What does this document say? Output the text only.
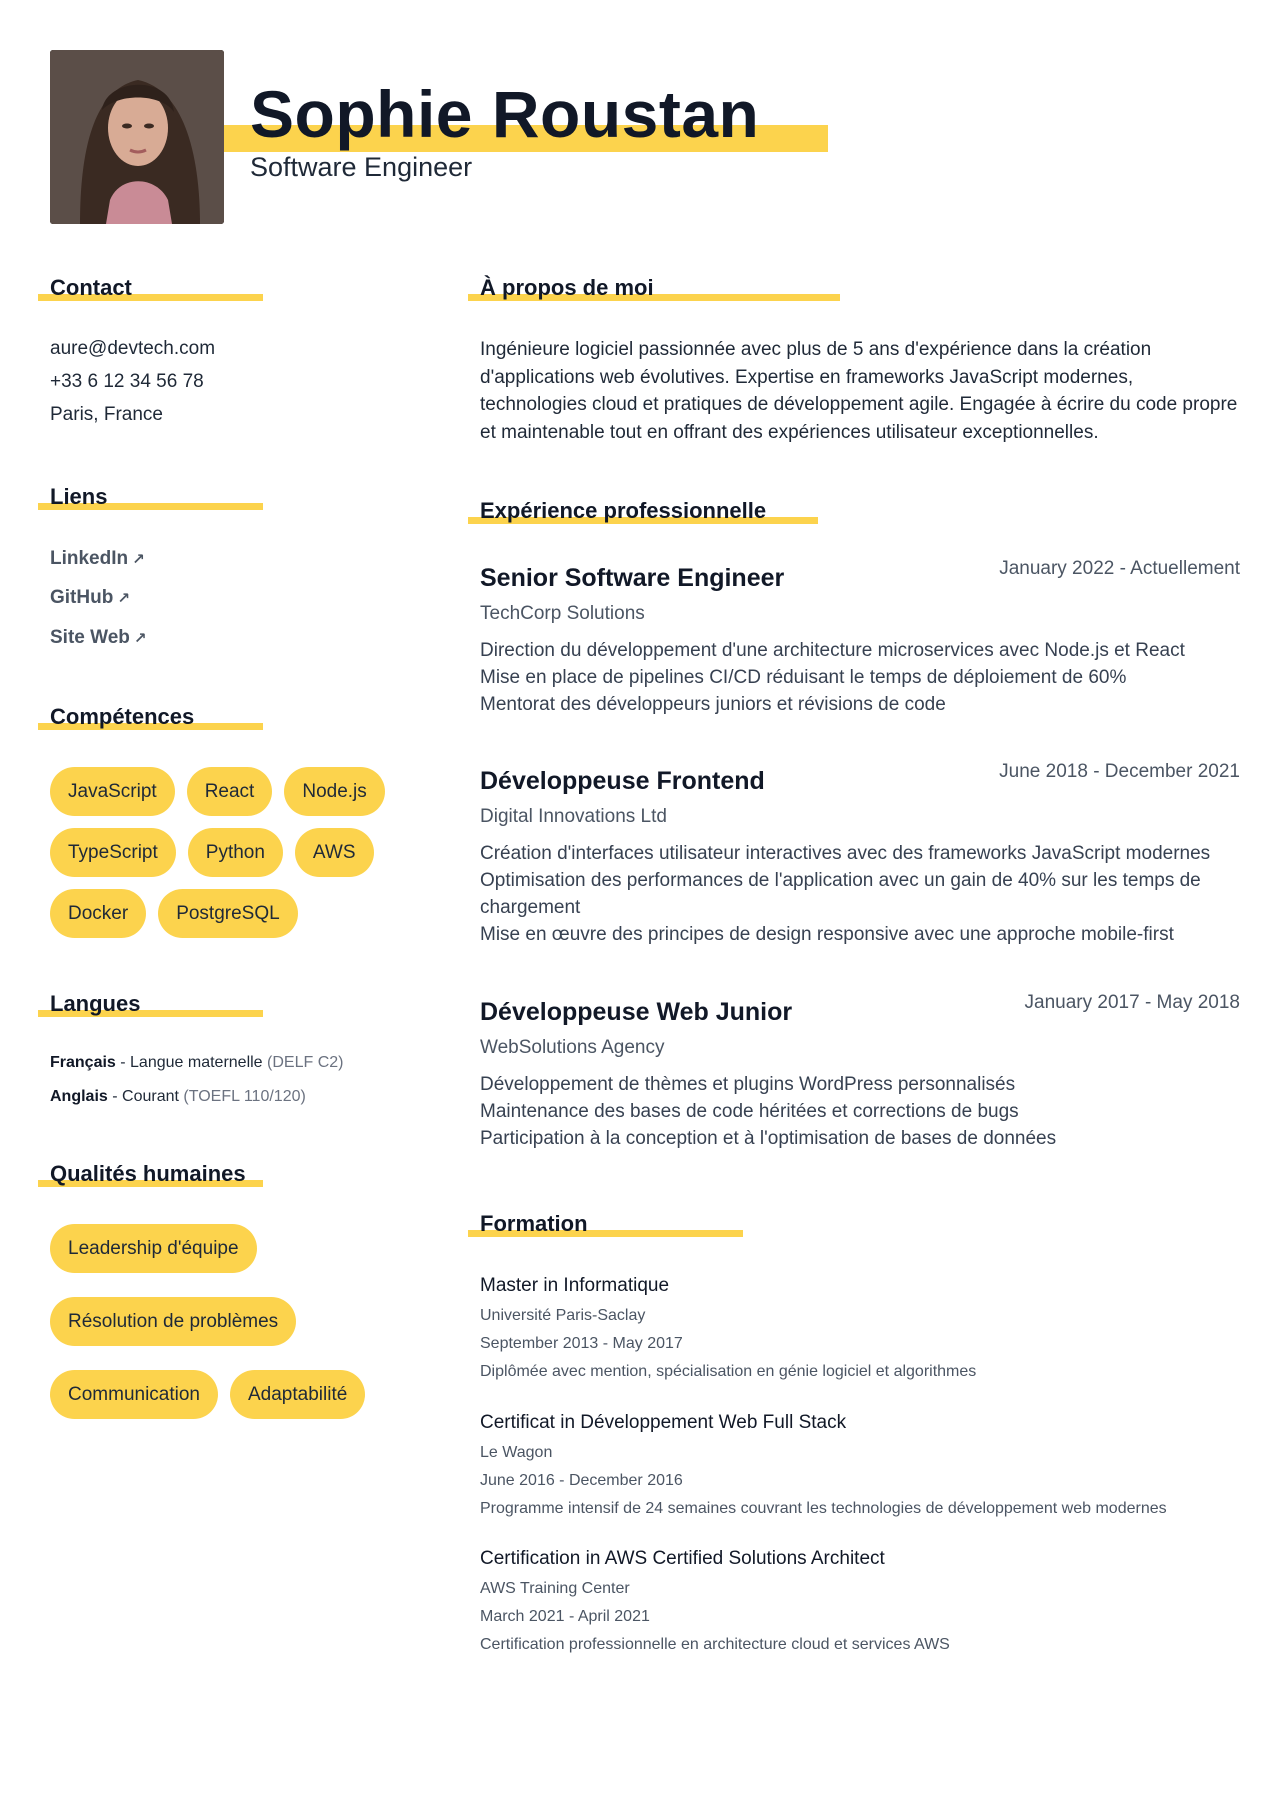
Sophie Roustan
Software Engineer
Contact
aure@devtech.com
+33 6 12 34 56 78
Paris, France
Liens
LinkedIn ↗
GitHub ↗
Site Web ↗
Compétences
JavaScript	React	Node.js
TypeScript	Python	AWS
Docker	PostgreSQL
Langues
Français - Langue maternelle (DELF C2)
Anglais - Courant (TOEFL 110/120)
Qualités humaines
Leadership d'équipe
Résolution de problèmes
Communication	Adaptabilité
À propos de moi

Ingénieure logiciel passionnée avec plus de 5 ans d'expérience dans la création d'applications web évolutives. Expertise en frameworks JavaScript modernes, technologies cloud et pratiques de développement agile. Engagée à écrire du code propre et maintenable tout en offrant des expériences utilisateur exceptionnelles.

Expérience professionnelle
Senior Software Engineer	January 2022 - Actuellement
TechCorp Solutions
Direction du développement d'une architecture microservices avec Node.js et React
Mise en place de pipelines CI/CD réduisant le temps de déploiement de 60%
Mentorat des développeurs juniors et révisions de code
Développeuse Frontend	June 2018 - December 2021
Digital Innovations Ltd
Création d'interfaces utilisateur interactives avec des frameworks JavaScript modernes
Optimisation des performances de l'application avec un gain de 40% sur les temps de chargement
Mise en œuvre des principes de design responsive avec une approche mobile-first
Développeuse Web Junior	January 2017 - May 2018
WebSolutions Agency
Développement de thèmes et plugins WordPress personnalisés
Maintenance des bases de code héritées et corrections de bugs
Participation à la conception et à l'optimisation de bases de données
Formation
Master in Informatique
Université Paris-Saclay
September 2013 - May 2017
Diplômée avec mention, spécialisation en génie logiciel et algorithmes
Certificat in Développement Web Full Stack
Le Wagon
June 2016 - December 2016
Programme intensif de 24 semaines couvrant les technologies de développement web modernes
Certification in AWS Certified Solutions Architect
AWS Training Center
March 2021 - April 2021
Certification professionnelle en architecture cloud et services AWS
